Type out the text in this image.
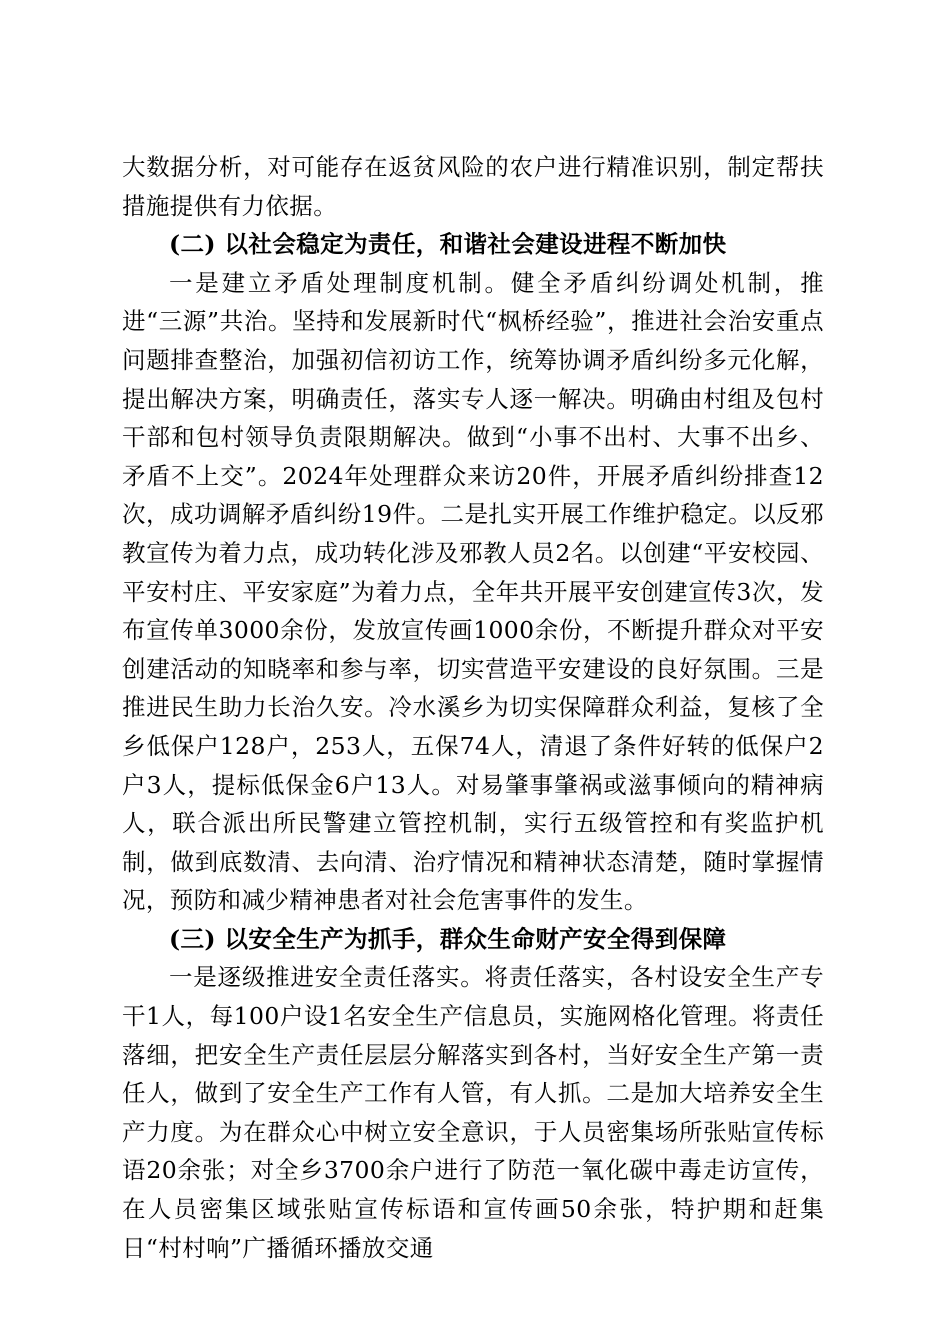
大数据分析，对可能存在返贫风险的农户进行精准识别，制定帮扶措施提供有力依据。

(二) 以社会稳定为责任，和谐社会建设进程不断加快

一是建立矛盾处理制度机制。健全矛盾纠纷调处机制，推进“三源”共治。坚持和发展新时代“枫桥经验”，推进社会治安重点问题排查整治，加强初信初访工作，统筹协调矛盾纠纷多元化解，提出解决方案，明确责任，落实专人逐一解决。明确由村组及包村干部和包村领导负责限期解决。做到“小事不出村、大事不出乡、矛盾不上交”。2024年处理群众来访20件，开展矛盾纠纷排查12次，成功调解矛盾纠纷19件。二是扎实开展工作维护稳定。以反邪教宣传为着力点，成功转化涉及邪教人员2名。以创建“平安校园、平安村庄、平安家庭”为着力点，全年共开展平安创建宣传3次，发布宣传单3000余份，发放宣传画1000余份，不断提升群众对平安创建活动的知晓率和参与率，切实营造平安建设的良好氛围。三是推进民生助力长治久安。冷水溪乡为切实保障群众利益，复核了全乡低保户128户，253人，五保74人，清退了条件好转的低保户2户3人，提标低保金6户13人。对易肇事肇祸或滋事倾向的精神病人，联合派出所民警建立管控机制，实行五级管控和有奖监护机制，做到底数清、去向清、治疗情况和精神状态清楚，随时掌握情况，预防和减少精神患者对社会危害事件的发生。

(三) 以安全生产为抓手，群众生命财产安全得到保障

一是逐级推进安全责任落实。将责任落实，各村设安全生产专干1人，每100户设1名安全生产信息员，实施网格化管理。将责任落细，把安全生产责任层层分解落实到各村，当好安全生产第一责任人，做到了安全生产工作有人管，有人抓。二是加大培养安全生产力度。为在群众心中树立安全意识，于人员密集场所张贴宣传标语20余张；对全乡3700余户进行了防范一氧化碳中毒走访宣传，在人员密集区域张贴宣传标语和宣传画50余张，特护期和赶集日“村村响”广播循环播放交通
